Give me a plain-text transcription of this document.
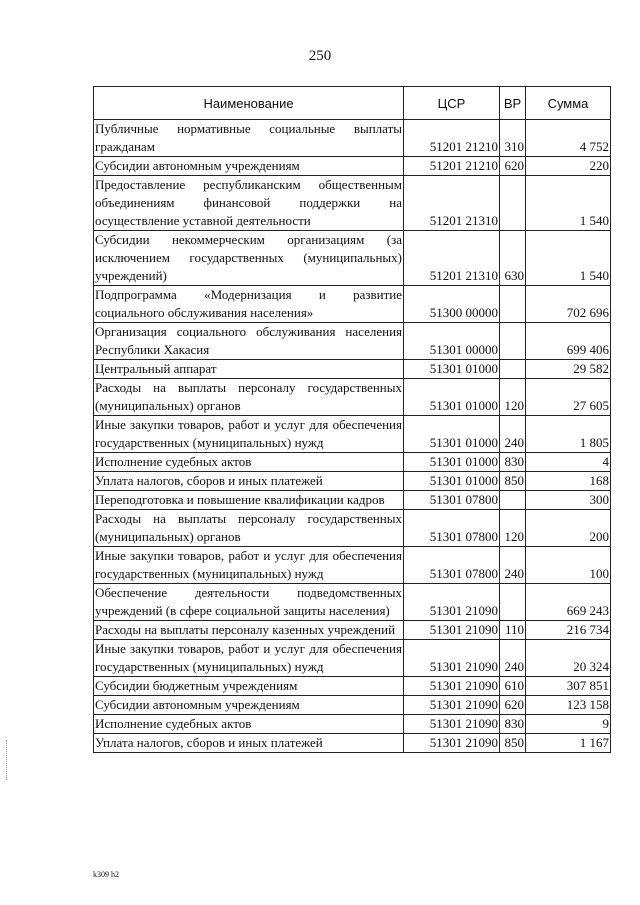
250
Наименование	ЦСР	ВР	Сумма
Публичные нормативные социальные выплаты гражданам	51201 21210	310	4 752
Субсидии автономным учреждениям	51201 21210	620	220
Предоставление республиканским общественным объединениям финансовой поддержки на осуществление уставной деятельности	51201 21310		1 540
Субсидии некоммерческим организациям (за исключением государственных (муниципальных) учреждений)	51201 21310	630	1 540
Подпрограмма «Модернизация и развитие социального обслуживания населения»	51300 00000		702 696
Организация социального обслуживания населения Республики Хакасия	51301 00000		699 406
Центральный аппарат	51301 01000		29 582
Расходы на выплаты персоналу государственных (муниципальных) органов	51301 01000	120	27 605
Иные закупки товаров, работ и услуг для обеспечения государственных (муниципальных) нужд	51301 01000	240	1 805
Исполнение судебных актов	51301 01000	830	4
Уплата налогов, сборов и иных платежей	51301 01000	850	168
Переподготовка и повышение квалификации кадров	51301 07800		300
Расходы на выплаты персоналу государственных (муниципальных) органов	51301 07800	120	200
Иные закупки товаров, работ и услуг для обеспечения государственных (муниципальных) нужд	51301 07800	240	100
Обеспечение деятельности подведомственных учреждений (в сфере социальной защиты населения)	51301 21090		669 243
Расходы на выплаты персоналу казенных учреждений	51301 21090	110	216 734
Иные закупки товаров, работ и услуг для обеспечения государственных (муниципальных) нужд	51301 21090	240	20 324
Субсидии бюджетным учреждениям	51301 21090	610	307 851
Субсидии автономным учреждениям	51301 21090	620	123 158
Исполнение судебных актов	51301 21090	830	9
Уплата налогов, сборов и иных платежей	51301 21090	850	1 167
k309 h2
